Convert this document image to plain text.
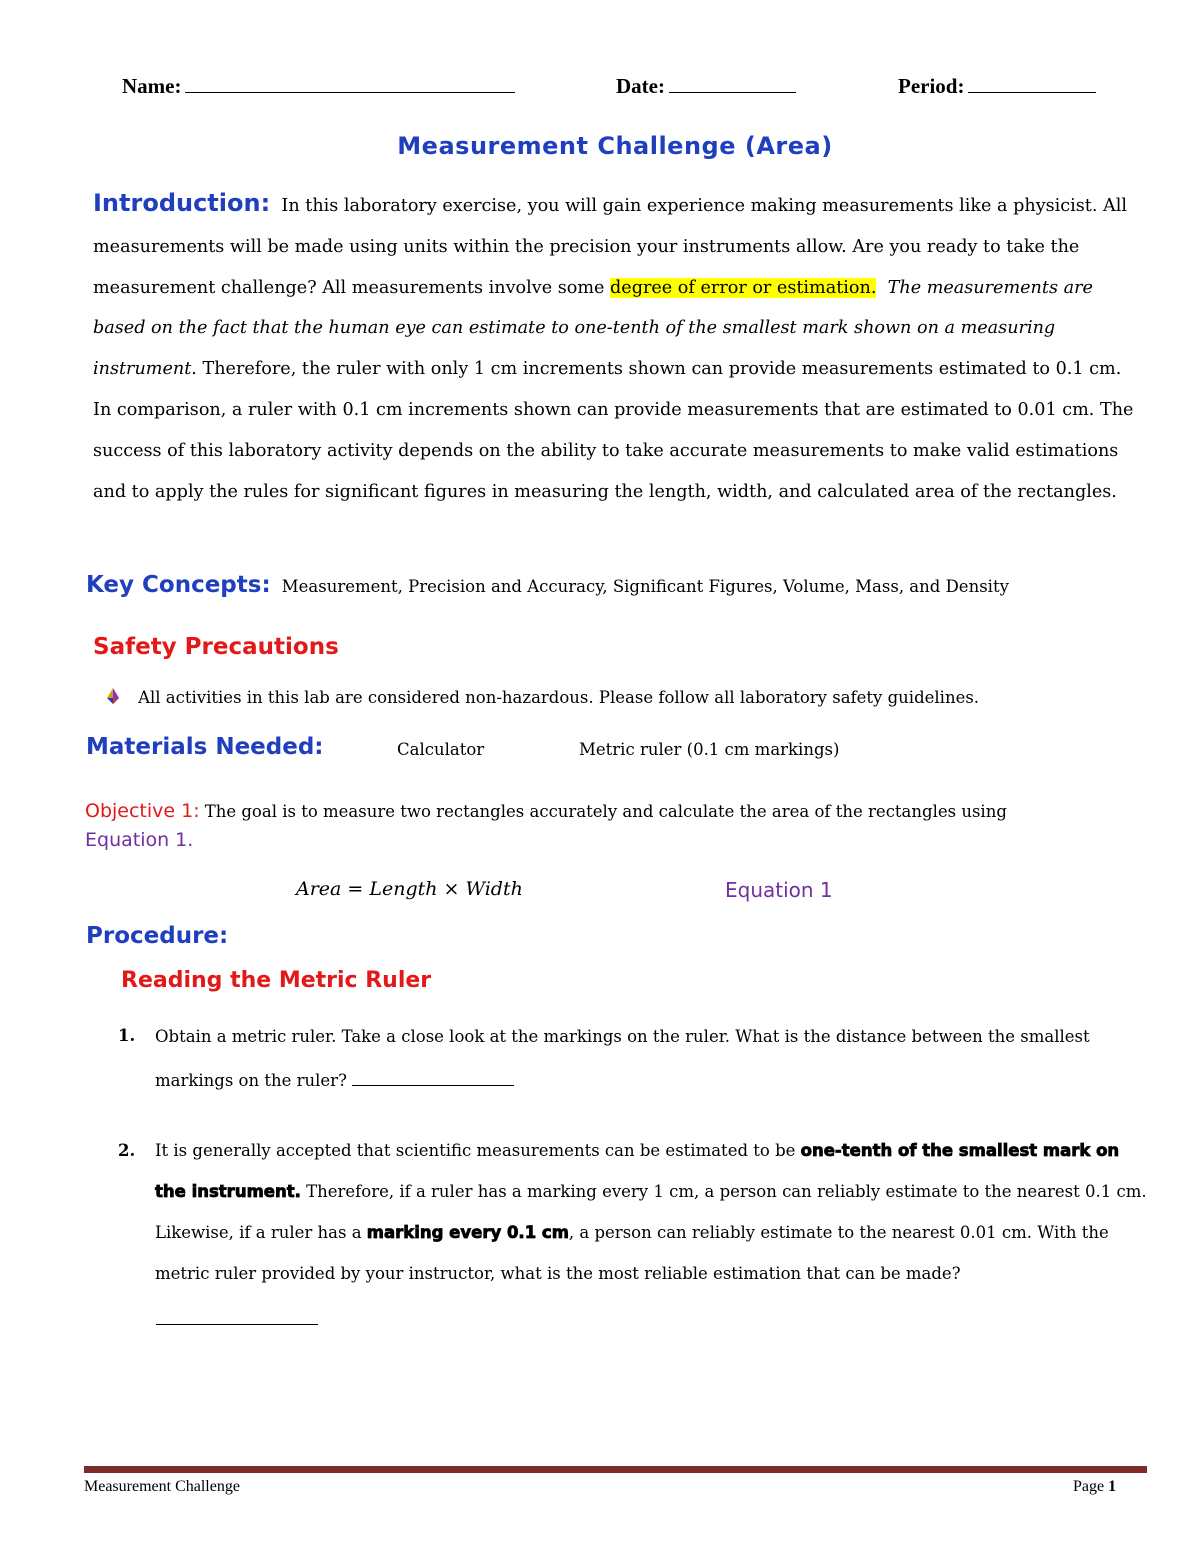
Name:	Date:	Period:
Measurement Challenge (Area)
Introduction: In this laboratory exercise, you will gain experience making measurements like a physicist. All measurements will be made using units within the precision your instruments allow. Are you ready to take the measurement challenge? All measurements involve some degree of error or estimation. The measurements are based on the fact that the human eye can estimate to one-tenth of the smallest mark shown on a measuring instrument. Therefore, the ruler with only 1 cm increments shown can provide measurements estimated to 0.1 cm. In comparison, a ruler with 0.1 cm increments shown can provide measurements that are estimated to 0.01 cm. The success of this laboratory activity depends on the ability to take accurate measurements to make valid estimations and to apply the rules for significant figures in measuring the length, width, and calculated area of the rectangles.
Key Concepts: Measurement, Precision and Accuracy, Significant Figures, Volume, Mass, and Density
Safety Precautions
All activities in this lab are considered non-hazardous. Please follow all laboratory safety guidelines.
Materials Needed:	Calculator	Metric ruler (0.1 cm markings)
Objective 1: The goal is to measure two rectangles accurately and calculate the area of the rectangles using
Equation 1.
Area = Length × Width	Equation 1
Procedure:
Reading the Metric Ruler
1. Obtain a metric ruler. Take a close look at the markings on the ruler. What is the distance between the smallest markings on the ruler?
2. It is generally accepted that scientific measurements can be estimated to be one-tenth of the smallest mark on the instrument. Therefore, if a ruler has a marking every 1 cm, a person can reliably estimate to the nearest 0.1 cm. Likewise, if a ruler has a marking every 0.1 cm, a person can reliably estimate to the nearest 0.01 cm. With the metric ruler provided by your instructor, what is the most reliable estimation that can be made?
Measurement Challenge	Page 1
